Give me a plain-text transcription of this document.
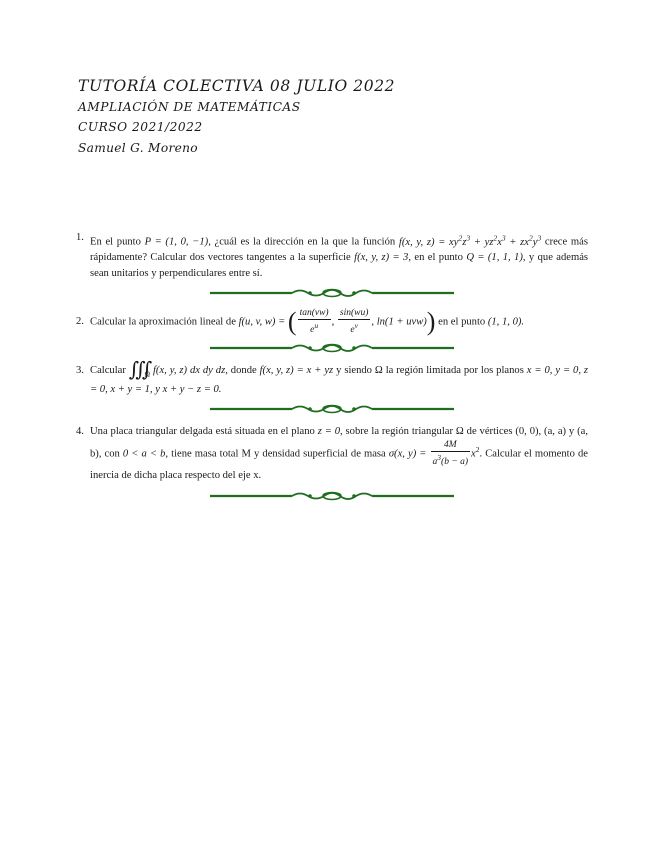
TUTORÍA COLECTIVA 08 JULIO 2022
AMPLIACIÓN DE MATEMÁTICAS
CURSO 2021/2022
Samuel G. Moreno
1. En el punto P = (1, 0, −1), ¿cuál es la dirección en la que la función f(x, y, $z) = xy^2z^3 + yz^2x^3 + zx^2y^3$ crece más rápidamente? Calcular dos vectores tangentes a la superficie f(x, y, z) = 3, en el punto Q = (1, 1, 1), y que además sean unitarios y perpendiculares entre sí.
2. Calcular la aproximación lineal de f(u, v, w) = ( $\frac{\tan(vw)}{e^u}$ , $\frac{\sin(wu)}{e^v}$ , ln(1 + uvw)) en el punto (1, 1, 0).
3. Calcular $∭_\Omega$ f(x, y, z) dx dy dz, donde f(x, y, z) = x + yz y siendo Ω la región limitada por los planos x = 0, y = 0, z = 0, x + y = 1, y x + y − z = 0.
4. Una placa triangular delgada está situada en el plano z = 0, sobre la región triangular Ω de vértices (0, 0), (a, a) y (a, b), con 0 < a < b, tiene masa total M y densidad superficial de masa σ(x, $y) = \frac{4M}{a^3(b - a)} x^2$. Calcular el momento de inercia de dicha placa respecto del eje x.
